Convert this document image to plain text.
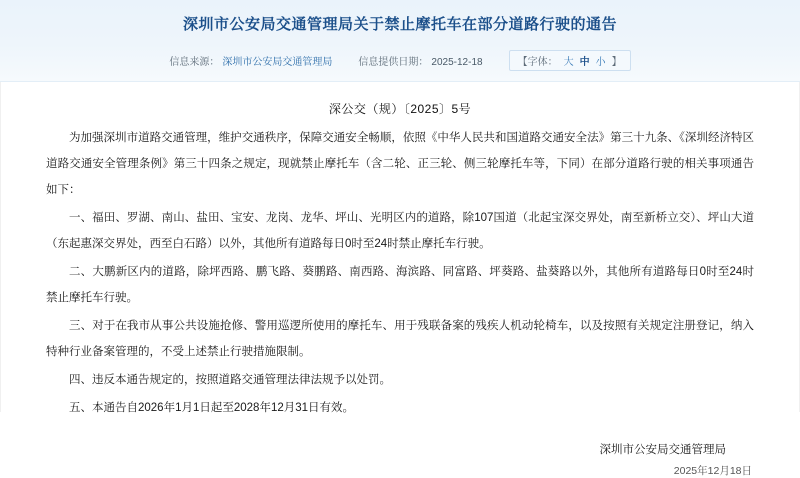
深圳市公安局交通管理局关于禁止摩托车在部分道路行驶的通告
信息来源： 深圳市公安局交通管理局	信息提供日期： 2025-12-18	【字体： 大 中 小 】
深公交（规）〔2025〕5号

为加强深圳市道路交通管理，维护交通秩序，保障交通安全畅顺，依照《中华人民共和国道路交通安全法》第三十九条、《深圳经济特区道路交通安全管理条例》第三十四条之规定，现就禁止摩托车（含二轮、正三轮、侧三轮摩托车等，下同）在部分道路行驶的相关事项通告如下：

一、福田、罗湖、南山、盐田、宝安、龙岗、龙华、坪山、光明区内的道路，除107国道（北起宝深交界处，南至新桥立交）、坪山大道（东起惠深交界处，西至白石路）以外，其他所有道路每日0时至24时禁止摩托车行驶。

二、大鹏新区内的道路，除坪西路、鹏飞路、葵鹏路、南西路、海滨路、同富路、坪葵路、盐葵路以外，其他所有道路每日0时至24时禁止摩托车行驶。

三、对于在我市从事公共设施抢修、警用巡逻所使用的摩托车、用于残联备案的残疾人机动轮椅车，以及按照有关规定注册登记，纳入特种行业备案管理的，不受上述禁止行驶措施限制。

四、违反本通告规定的，按照道路交通管理法律法规予以处罚。

五、本通告自2026年1月1日起至2028年12月31日有效。

深圳市公安局交通管理局
2025年12月18日
